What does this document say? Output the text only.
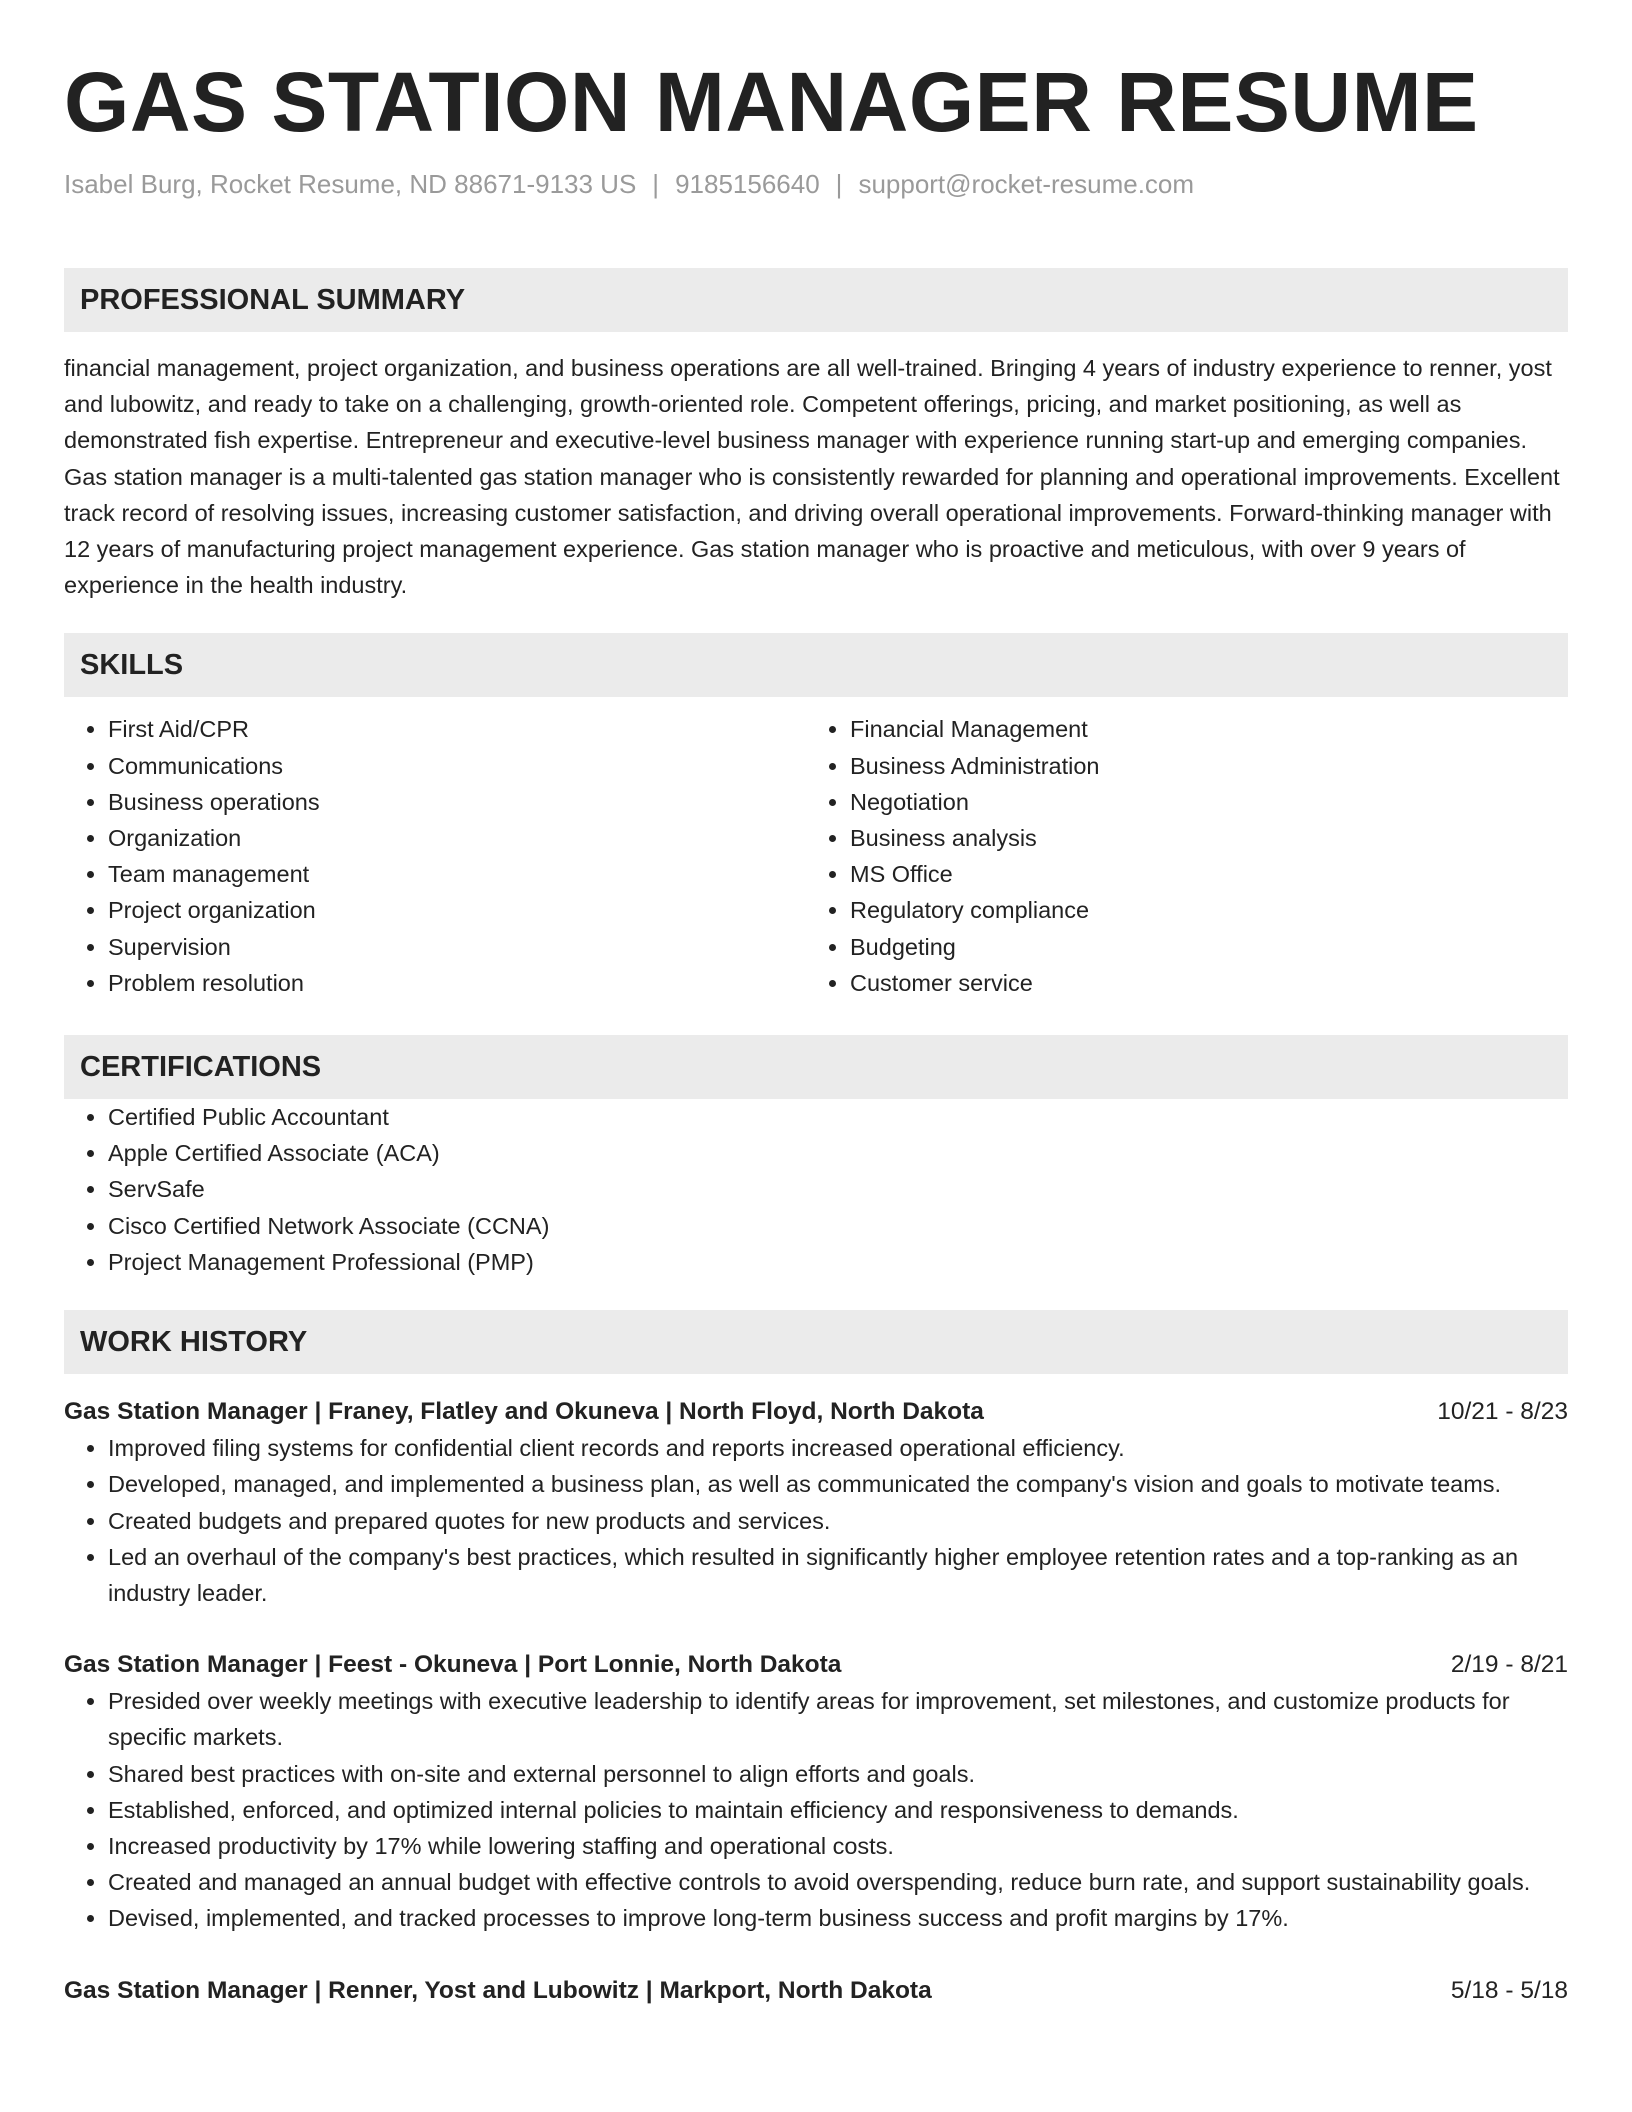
GAS STATION MANAGER RESUME
Isabel Burg, Rocket Resume, ND 88671-9133 US | 9185156640 | support@rocket-resume.com
PROFESSIONAL SUMMARY
financial management, project organization, and business operations are all well-trained. Bringing 4 years of industry experience to renner, yost and lubowitz, and ready to take on a challenging, growth-oriented role. Competent offerings, pricing, and market positioning, as well as demonstrated fish expertise. Entrepreneur and executive-level business manager with experience running start-up and emerging companies. Gas station manager is a multi-talented gas station manager who is consistently rewarded for planning and operational improvements. Excellent track record of resolving issues, increasing customer satisfaction, and driving overall operational improvements. Forward-thinking manager with 12 years of manufacturing project management experience. Gas station manager who is proactive and meticulous, with over 9 years of experience in the health industry.
SKILLS
• First Aid/CPR
• Communications
• Business operations
• Organization
• Team management
• Project organization
• Supervision
• Problem resolution
• Financial Management
• Business Administration
• Negotiation
• Business analysis
• MS Office
• Regulatory compliance
• Budgeting
• Customer service
CERTIFICATIONS
• Certified Public Accountant
• Apple Certified Associate (ACA)
• ServSafe
• Cisco Certified Network Associate (CCNA)
• Project Management Professional (PMP)
WORK HISTORY
Gas Station Manager | Franey, Flatley and Okuneva | North Floyd, North Dakota	10/21 - 8/23
• Improved filing systems for confidential client records and reports increased operational efficiency.
• Developed, managed, and implemented a business plan, as well as communicated the company's vision and goals to motivate teams.
• Created budgets and prepared quotes for new products and services.
• Led an overhaul of the company's best practices, which resulted in significantly higher employee retention rates and a top-ranking as an industry leader.
Gas Station Manager | Feest - Okuneva | Port Lonnie, North Dakota	2/19 - 8/21
• Presided over weekly meetings with executive leadership to identify areas for improvement, set milestones, and customize products for specific markets.
• Shared best practices with on-site and external personnel to align efforts and goals.
• Established, enforced, and optimized internal policies to maintain efficiency and responsiveness to demands.
• Increased productivity by 17% while lowering staffing and operational costs.
• Created and managed an annual budget with effective controls to avoid overspending, reduce burn rate, and support sustainability goals.
• Devised, implemented, and tracked processes to improve long-term business success and profit margins by 17%.
Gas Station Manager | Renner, Yost and Lubowitz | Markport, North Dakota	5/18 - 5/18
